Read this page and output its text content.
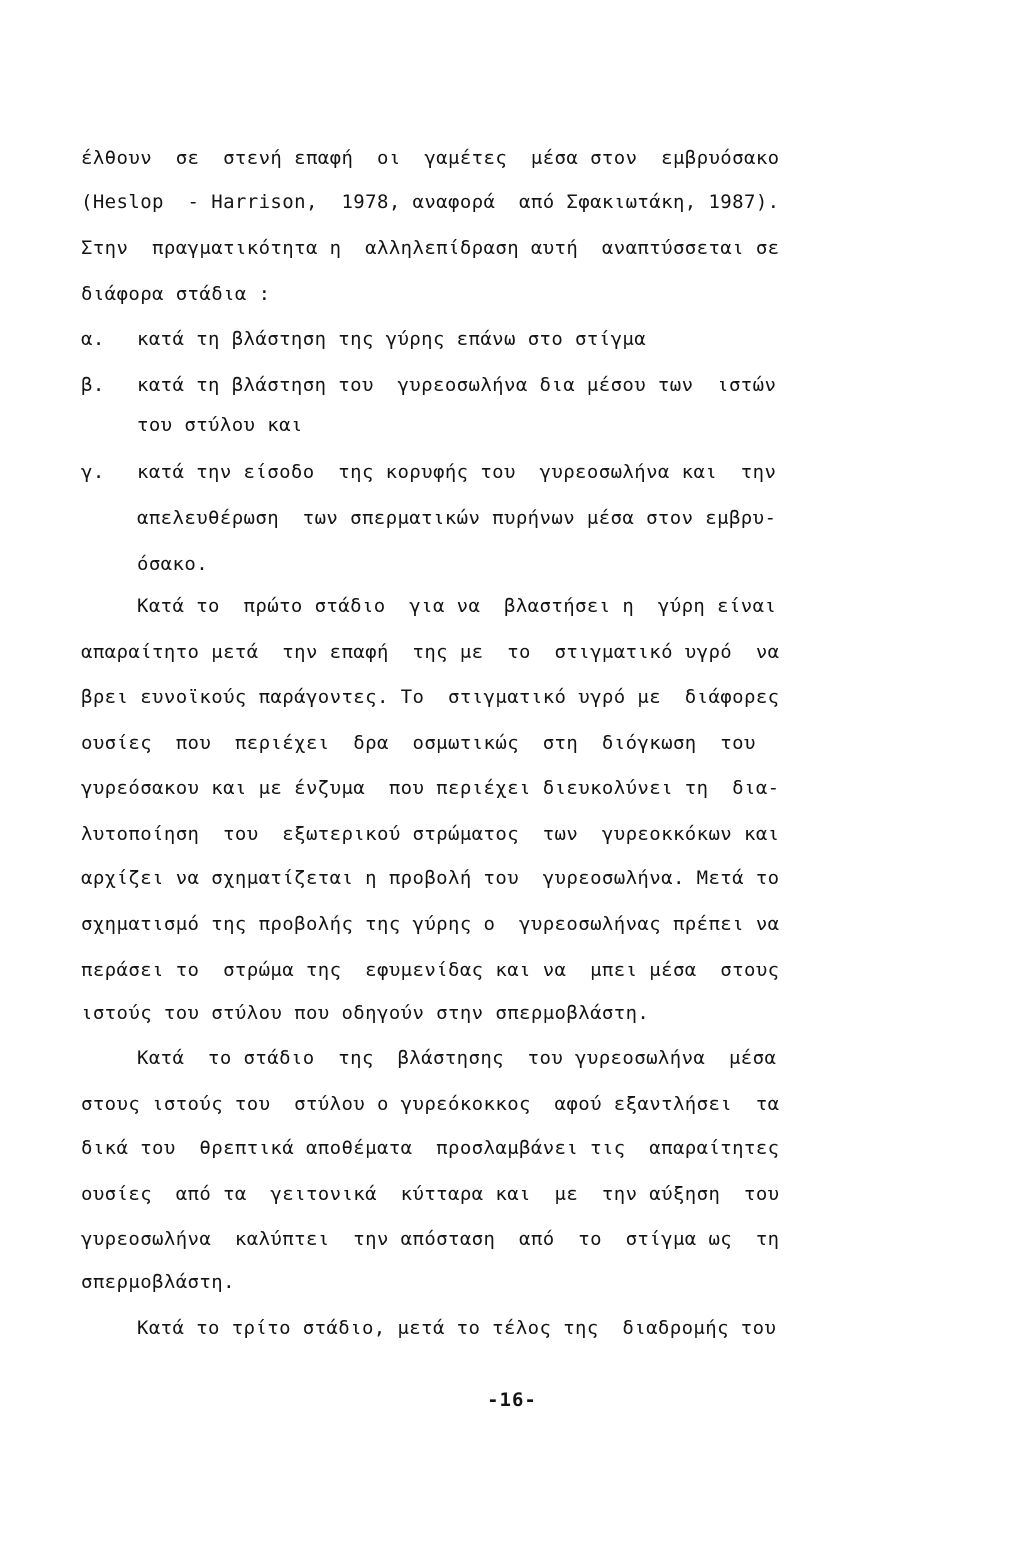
έλθουν  σε  στενή επαφή  οι  γαμέτες  μέσα στον  εμβρυόσακο
(Heslop  - Harrison,  1978, αναφορά  από Σφακιωτάκη, 1987).
Στην  πραγματικότητα η  αλληλεπίδραση αυτή  αναπτύσσεται σε
διάφορα στάδια :
α. κατά τη βλάστηση της γύρης επάνω στο στίγμα
β. κατά τη βλάστηση του  γυρεοσωλήνα δια μέσου των  ιστών
του στύλου και
γ. κατά την είσοδο  της κορυφής του  γυρεοσωλήνα και  την
απελευθέρωση  των σπερματικών πυρήνων μέσα στον εμβρυ-
όσακο.
Κατά το  πρώτο στάδιο  για να  βλαστήσει η  γύρη είναι
απαραίτητο μετά  την επαφή  της με  το  στιγματικό υγρό  να
βρει ευνοϊκούς παράγοντες. Το  στιγματικό υγρό με  διάφορες
ουσίες  που  περιέχει  δρα  οσμωτικώς  στη  διόγκωση  του
γυρεόσακου και με ένζυμα  που περιέχει διευκολύνει τη  δια-
λυτοποίηση  του  εξωτερικού στρώματος  των  γυρεοκκόκων και
αρχίζει να σχηματίζεται η προβολή του  γυρεοσωλήνα. Μετά το
σχηματισμό της προβολής της γύρης ο  γυρεοσωλήνας πρέπει να
περάσει το  στρώμα της  εφυμενίδας και να  μπει μέσα  στους
ιστούς του στύλου που οδηγούν στην σπερμοβλάστη.
Κατά  το στάδιο  της  βλάστησης  του γυρεοσωλήνα  μέσα
στους ιστούς του  στύλου ο γυρεόκοκκος  αφού εξαντλήσει  τα
δικά του  θρεπτικά αποθέματα  προσλαμβάνει τις  απαραίτητες
ουσίες  από τα  γειτονικά  κύτταρα και  με  την αύξηση  του
γυρεοσωλήνα  καλύπτει  την απόσταση  από  το  στίγμα ως  τη
σπερμοβλάστη.
Κατά το τρίτο στάδιο, μετά το τέλος της  διαδρομής του
-16-
